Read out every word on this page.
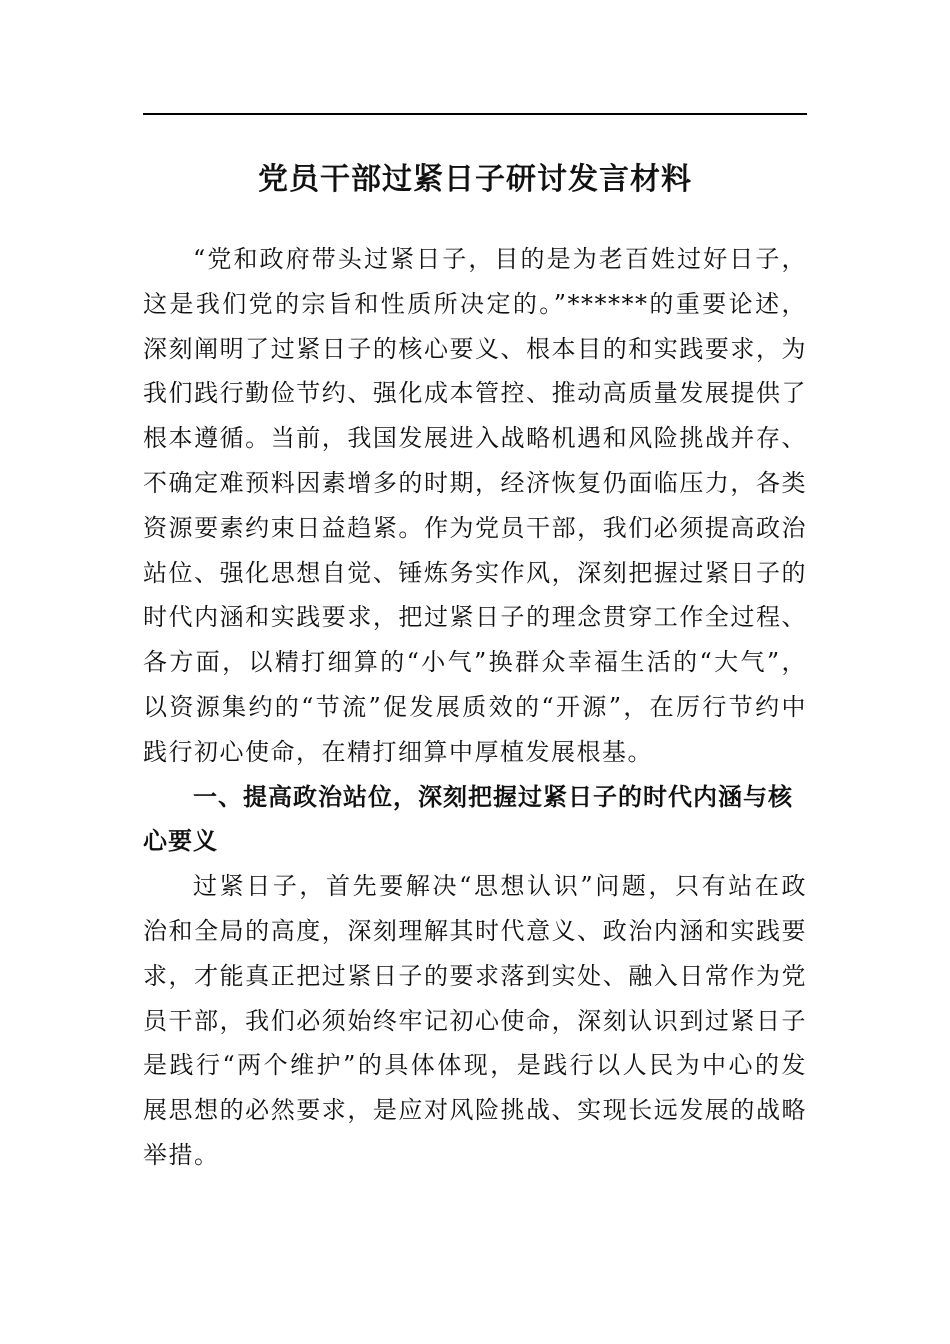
党员干部过紧日子研讨发言材料

“党和政府带头过紧日子，目的是为老百姓过好日子，这是我们党的宗旨和性质所决定的。”******的重要论述，深刻阐明了过紧日子的核心要义、根本目的和实践要求，为我们践行勤俭节约、强化成本管控、推动高质量发展提供了根本遵循。当前，我国发展进入战略机遇和风险挑战并存、不确定难预料因素增多的时期，经济恢复仍面临压力，各类资源要素约束日益趋紧。作为党员干部，我们必须提高政治站位、强化思想自觉、锤炼务实作风，深刻把握过紧日子的时代内涵和实践要求，把过紧日子的理念贯穿工作全过程、各方面，以精打细算的“小气”换群众幸福生活的“大气”，以资源集约的“节流”促发展质效的“开源”，在厉行节约中践行初心使命，在精打细算中厚植发展根基。

一、提高政治站位，深刻把握过紧日子的时代内涵与核心要义

过紧日子，首先要解决“思想认识”问题，只有站在政治和全局的高度，深刻理解其时代意义、政治内涵和实践要求，才能真正把过紧日子的要求落到实处、融入日常作为党员干部，我们必须始终牢记初心使命，深刻认识到过紧日子是践行“两个维护”的具体体现，是践行以人民为中心的发展思想的必然要求，是应对风险挑战、实现长远发展的战略举措。
